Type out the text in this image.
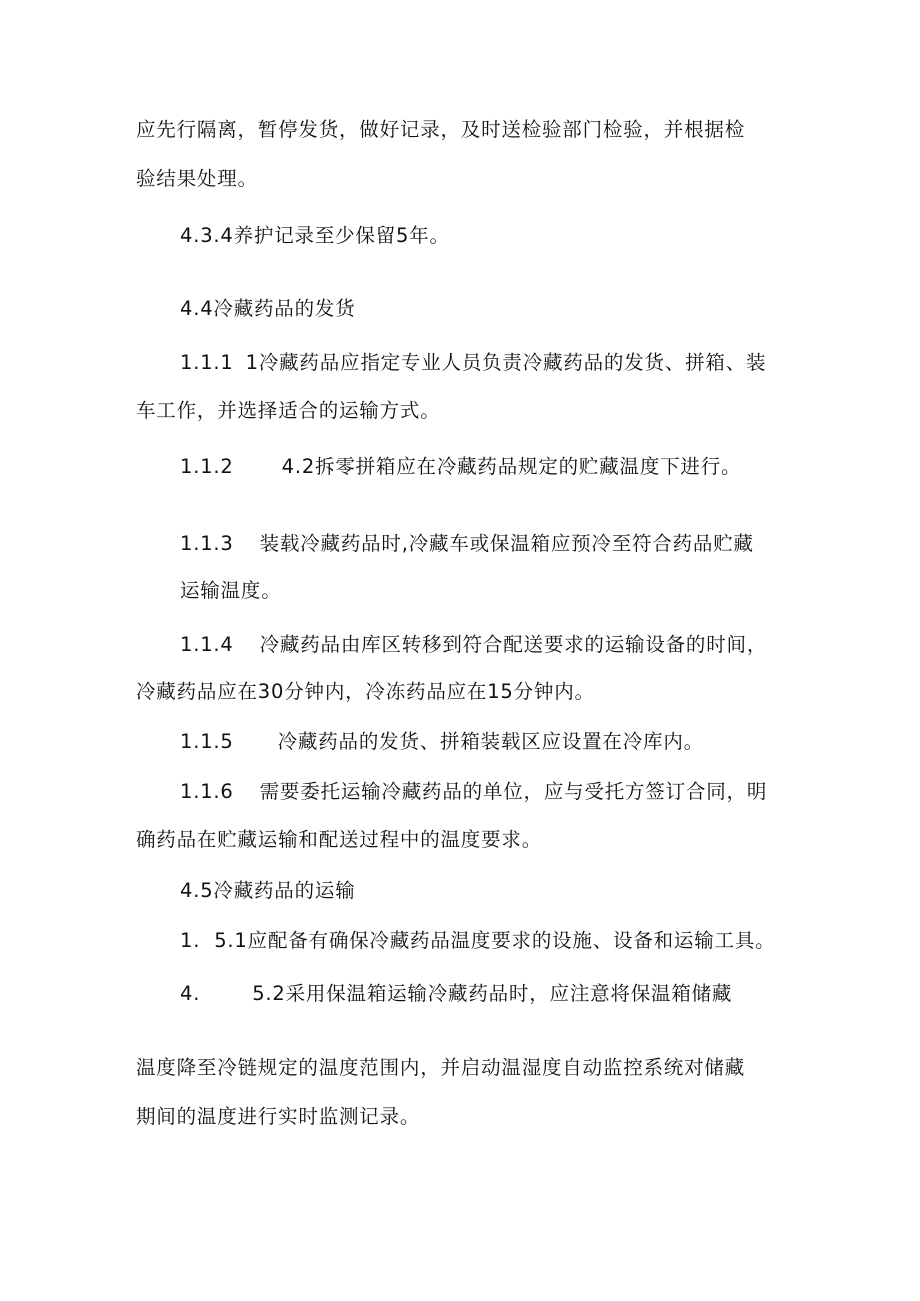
应先行隔离，暂停发货，做好记录，及时送检验部门检验，并根据检
验结果处理。
4.3.4养护记录至少保留5年。
4.4冷藏药品的发货
1.1.1 1冷藏药品应指定专业人员负责冷藏药品的发货、拼箱、装
车工作，并选择适合的运输方式。
1.1.2 4.2拆零拼箱应在冷藏药品规定的贮藏温度下进行。
1.1.3 装载冷藏药品时,冷藏车或保温箱应预冷至符合药品贮藏
运输温度。
1.1.4 冷藏药品由库区转移到符合配送要求的运输设备的时间，
冷藏药品应在30分钟内，冷冻药品应在15分钟内。
1.1.5 冷藏药品的发货、拼箱装载区应设置在冷库内。
1.1.6 需要委托运输冷藏药品的单位，应与受托方签订合同，明
确药品在贮藏运输和配送过程中的温度要求。
4.5冷藏药品的运输
1. 5.1应配备有确保冷藏药品温度要求的设施、设备和运输工具。
4.	5.2采用保温箱运输冷藏药品时，应注意将保温箱储藏
温度降至冷链规定的温度范围内，并启动温湿度自动监控系统对储藏
期间的温度进行实时监测记录。
